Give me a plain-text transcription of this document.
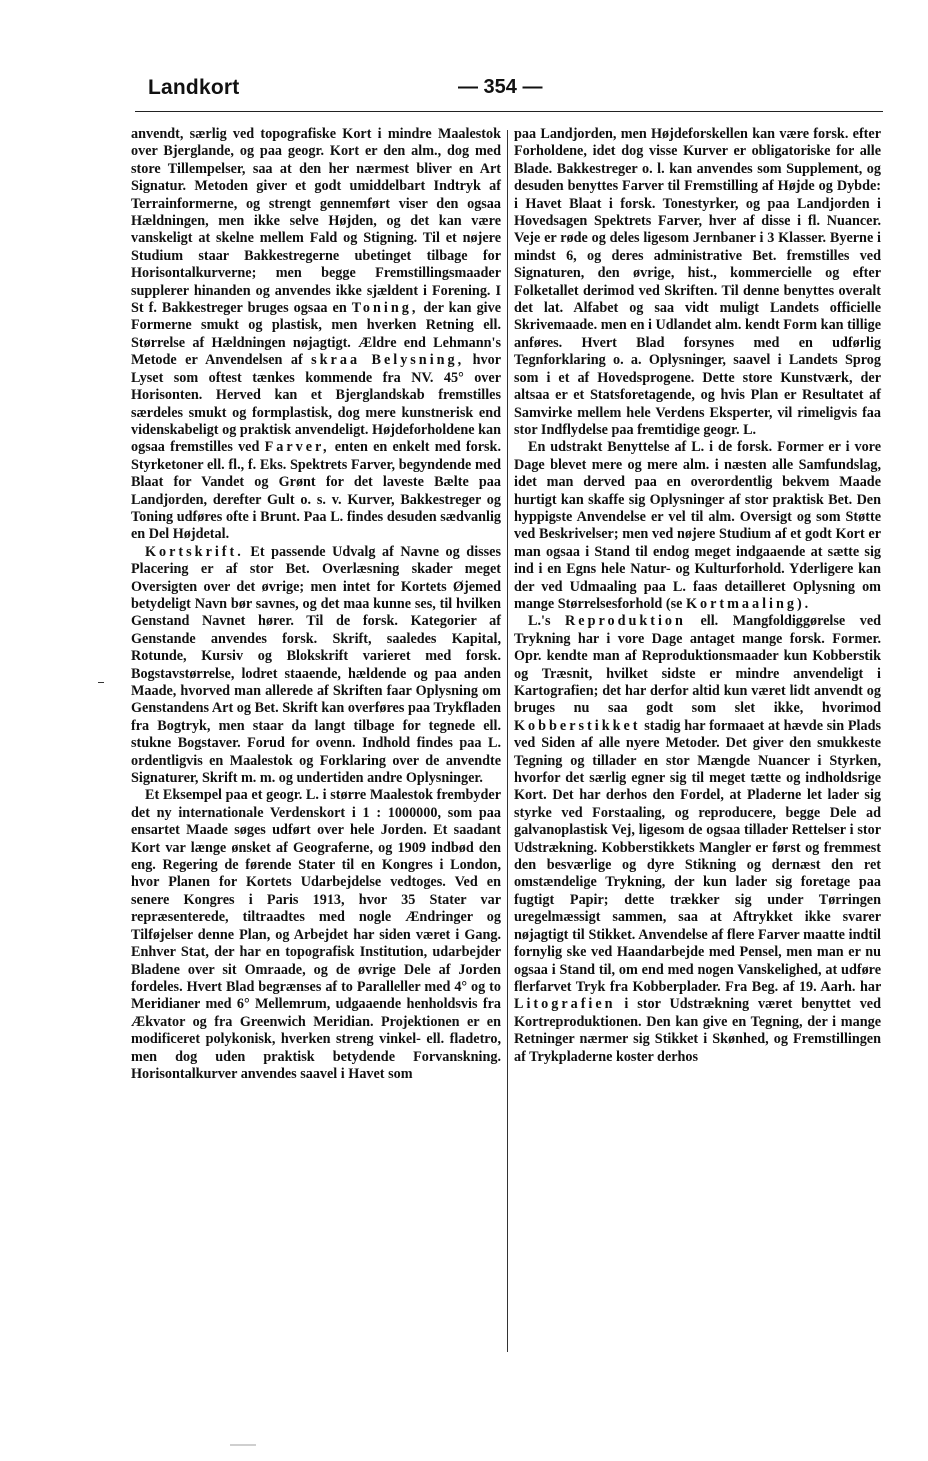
Landkort	— 354 —

anvendt, særlig ved topografiske Kort i mindre Maalestok over Bjerglande, og paa geogr. Kort er den alm., dog med store Tillempelser, saa at den her nærmest bliver en Art Signatur. Metoden giver et godt umiddelbart Indtryk af Terrainformerne, og strengt gennemført viser den ogsaa Hældningen, men ikke selve Højden, og det kan være vanskeligt at skelne mellem Fald og Stigning. Til et nøjere Studium staar Bakkestregerne ubetinget tilbage for Horisontalkurverne; men begge Fremstillingsmaader supplerer hinanden og anvendes ikke sjældent i Forening. I St f. Bakkestreger bruges ogsaa en Toning, der kan give Formerne smukt og plastisk, men hverken Retning ell. Størrelse af Hældningen nøjagtigt. Ældre end Lehmann's Metode er Anvendelsen af skraa Belysning, hvor Lyset som oftest tænkes kommende fra NV. 45° over Horisonten. Herved kan et Bjerglandskab fremstilles særdeles smukt og formplastisk, dog mere kunstnerisk end videnskabeligt og praktisk anvendeligt. Højdeforholdene kan ogsaa fremstilles ved Farver, enten en enkelt med forsk. Styrketoner ell. fl., f. Eks. Spektrets Farver, begyndende med Blaat for Vandet og Grønt for det laveste Bælte paa Landjorden, derefter Gult o. s. v. Kurver, Bakkestreger og Toning udføres ofte i Brunt. Paa L. findes desuden sædvanlig en Del Højdetal.

Kortskrift. Et passende Udvalg af Navne og disses Placering er af stor Bet. Overlæsning skader meget Oversigten over det øvrige; men intet for Kortets Øjemed betydeligt Navn bør savnes, og det maa kunne ses, til hvilken Genstand Navnet hører. Til de forsk. Kategorier af Genstande anvendes forsk. Skrift, saaledes Kapital, Rotunde, Kursiv og Blokskrift varieret med forsk. Bogstavstørrelse, lodret staaende, hældende og paa anden Maade, hvorved man allerede af Skriften faar Oplysning om Genstandens Art og Bet. Skrift kan overføres paa Trykfladen fra Bogtryk, men staar da langt tilbage for tegnede ell. stukne Bogstaver. Forud for ovenn. Indhold findes paa L. ordentligvis en Maalestok og Forklaring over de anvendte Signaturer, Skrift m. m. og undertiden andre Oplysninger.

Et Eksempel paa et geogr. L. i større Maalestok frembyder det ny internationale Verdenskort i 1 : 1000000, som paa ensartet Maade søges udført over hele Jorden. Et saadant Kort var længe ønsket af Geograferne, og 1909 indbød den eng. Regering de førende Stater til en Kongres i London, hvor Planen for Kortets Udarbejdelse vedtoges. Ved en senere Kongres i Paris 1913, hvor 35 Stater var repræsenterede, tiltraadtes med nogle Ændringer og Tilføjelser denne Plan, og Arbejdet har siden været i Gang. Enhver Stat, der har en topografisk Institution, udarbejder Bladene over sit Omraade, og de øvrige Dele af Jorden fordeles. Hvert Blad begrænses af to Paralleller med 4° og to Meridianer med 6° Mellemrum, udgaaende henholdsvis fra Ækvator og fra Greenwich Meridian. Projektionen er en modificeret polykonisk, hverken streng vinkel- ell. fladetro, men dog uden praktisk betydende Forvanskning. Horisontalkurver anvendes saavel i Havet som

paa Landjorden, men Højdeforskellen kan være forsk. efter Forholdene, idet dog visse Kurver er obligatoriske for alle Blade. Bakkestreger o. l. kan anvendes som Supplement, og desuden benyttes Farver til Fremstilling af Højde og Dybde: i Havet Blaat i forsk. Tonestyrker, og paa Landjorden i Hovedsagen Spektrets Farver, hver af disse i fl. Nuancer. Veje er røde og deles ligesom Jernbaner i 3 Klasser. Byerne i mindst 6, og deres administrative Bet. fremstilles ved Signaturen, den øvrige, hist., kommercielle og efter Folketallet derimod ved Skriften. Til denne benyttes overalt det lat. Alfabet og saa vidt muligt Landets officielle Skrivemaade. men en i Udlandet alm. kendt Form kan tillige anføres. Hvert Blad forsynes med en udførlig Tegnforklaring o. a. Oplysninger, saavel i Landets Sprog som i et af Hovedsprogene. Dette store Kunstværk, der altsaa er et Statsforetagende, og hvis Plan er Resultatet af Samvirke mellem hele Verdens Eksperter, vil rimeligvis faa stor Indflydelse paa fremtidige geogr. L.

En udstrakt Benyttelse af L. i de forsk. Former er i vore Dage blevet mere og mere alm. i næsten alle Samfundslag, idet man derved paa en overordentlig bekvem Maade hurtigt kan skaffe sig Oplysninger af stor praktisk Bet. Den hyppigste Anvendelse er vel til alm. Oversigt og som Støtte ved Beskrivelser; men ved nøjere Studium af et godt Kort er man ogsaa i Stand til endog meget indgaaende at sætte sig ind i en Egns hele Natur- og Kulturforhold. Yderligere kan der ved Udmaaling paa L. faas detailleret Oplysning om mange Størrelsesforhold (se Kortmaaling).

L.'s Reproduktion ell. Mangfoldiggørelse ved Trykning har i vore Dage antaget mange forsk. Former. Opr. kendte man af Reproduktionsmaader kun Kobberstik og Træsnit, hvilket sidste er mindre anvendeligt i Kartografien; det har derfor altid kun været lidt anvendt og bruges nu saa godt som slet ikke, hvorimod Kobberstikket stadig har formaaet at hævde sin Plads ved Siden af alle nyere Metoder. Det giver den smukkeste Tegning og tillader en stor Mængde Nuancer i Styrken, hvorfor det særlig egner sig til meget tætte og indholdsrige Kort. Det har derhos den Fordel, at Pladerne let lader sig styrke ved Forstaaling, og reproducere, begge Dele ad galvanoplastisk Vej, ligesom de ogsaa tillader Rettelser i stor Udstrækning. Kobberstikkets Mangler er først og fremmest den besværlige og dyre Stikning og dernæst den ret omstændelige Trykning, der kun lader sig foretage paa fugtigt Papir; dette trækker sig under Tørringen uregelmæssigt sammen, saa at Aftrykket ikke svarer nøjagtigt til Stikket. Anvendelse af flere Farver maatte indtil fornylig ske ved Haandarbejde med Pensel, men man er nu ogsaa i Stand til, om end med nogen Vanskelighed, at udføre flerfarvet Tryk fra Kobberplader. Fra Beg. af 19. Aarh. har Litografien i stor Udstrækning været benyttet ved Kortreproduktionen. Den kan give en Tegning, der i mange Retninger nærmer sig Stikket i Skønhed, og Fremstillingen af Trykpladerne koster derhos
